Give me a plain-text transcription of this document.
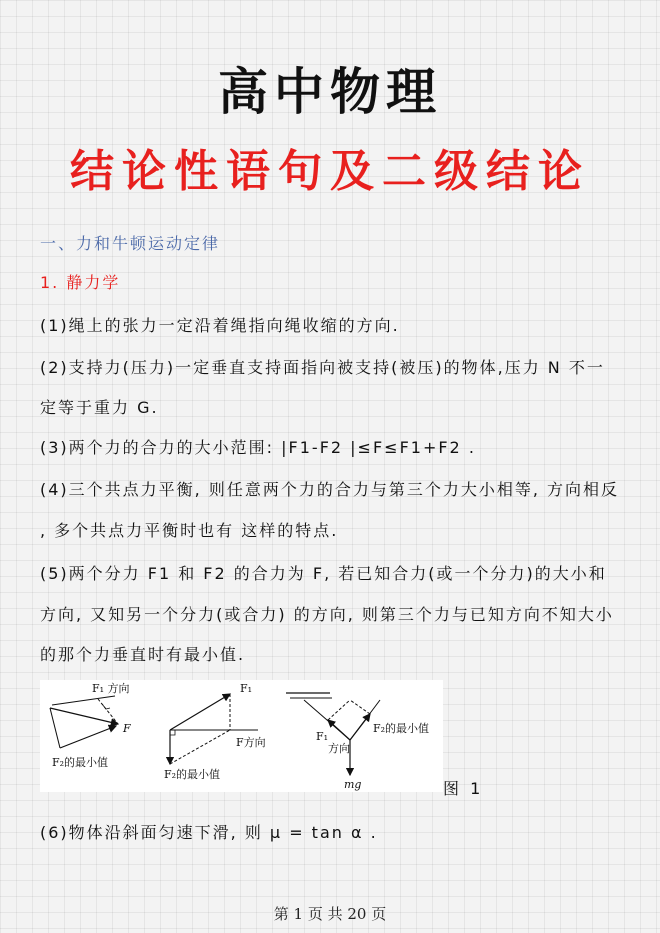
高中物理
结论性语句及二级结论
一、力和牛顿运动定律
1. 静力学
(1)绳上的张力一定沿着绳指向绳收缩的方向.
(2)支持力(压力)一定垂直支持面指向被支持(被压)的物体,压力 N 不一
定等于重力 G.
(3)两个力的合力的大小范围: |F1-F2 |≤F≤F1+F2 .
(4)三个共点力平衡, 则任意两个力的合力与第三个力大小相等, 方向相反
, 多个共点力平衡时也有 这样的特点.
(5)两个分力 F1 和 F2 的合力为 F, 若已知合力(或一个分力)的大小和
方向, 又知另一个分力(或合力) 的方向, 则第三个力与已知方向不知大小
的那个力垂直时有最小值.
F₁ 方向
F
F₂的最小值
F₁
F方向
F₂的最小值
F₁
方向
F₂的最小值
mg	图 1
(6)物体沿斜面匀速下滑, 则 μ = tan α .
第 1 页 共 20 页
